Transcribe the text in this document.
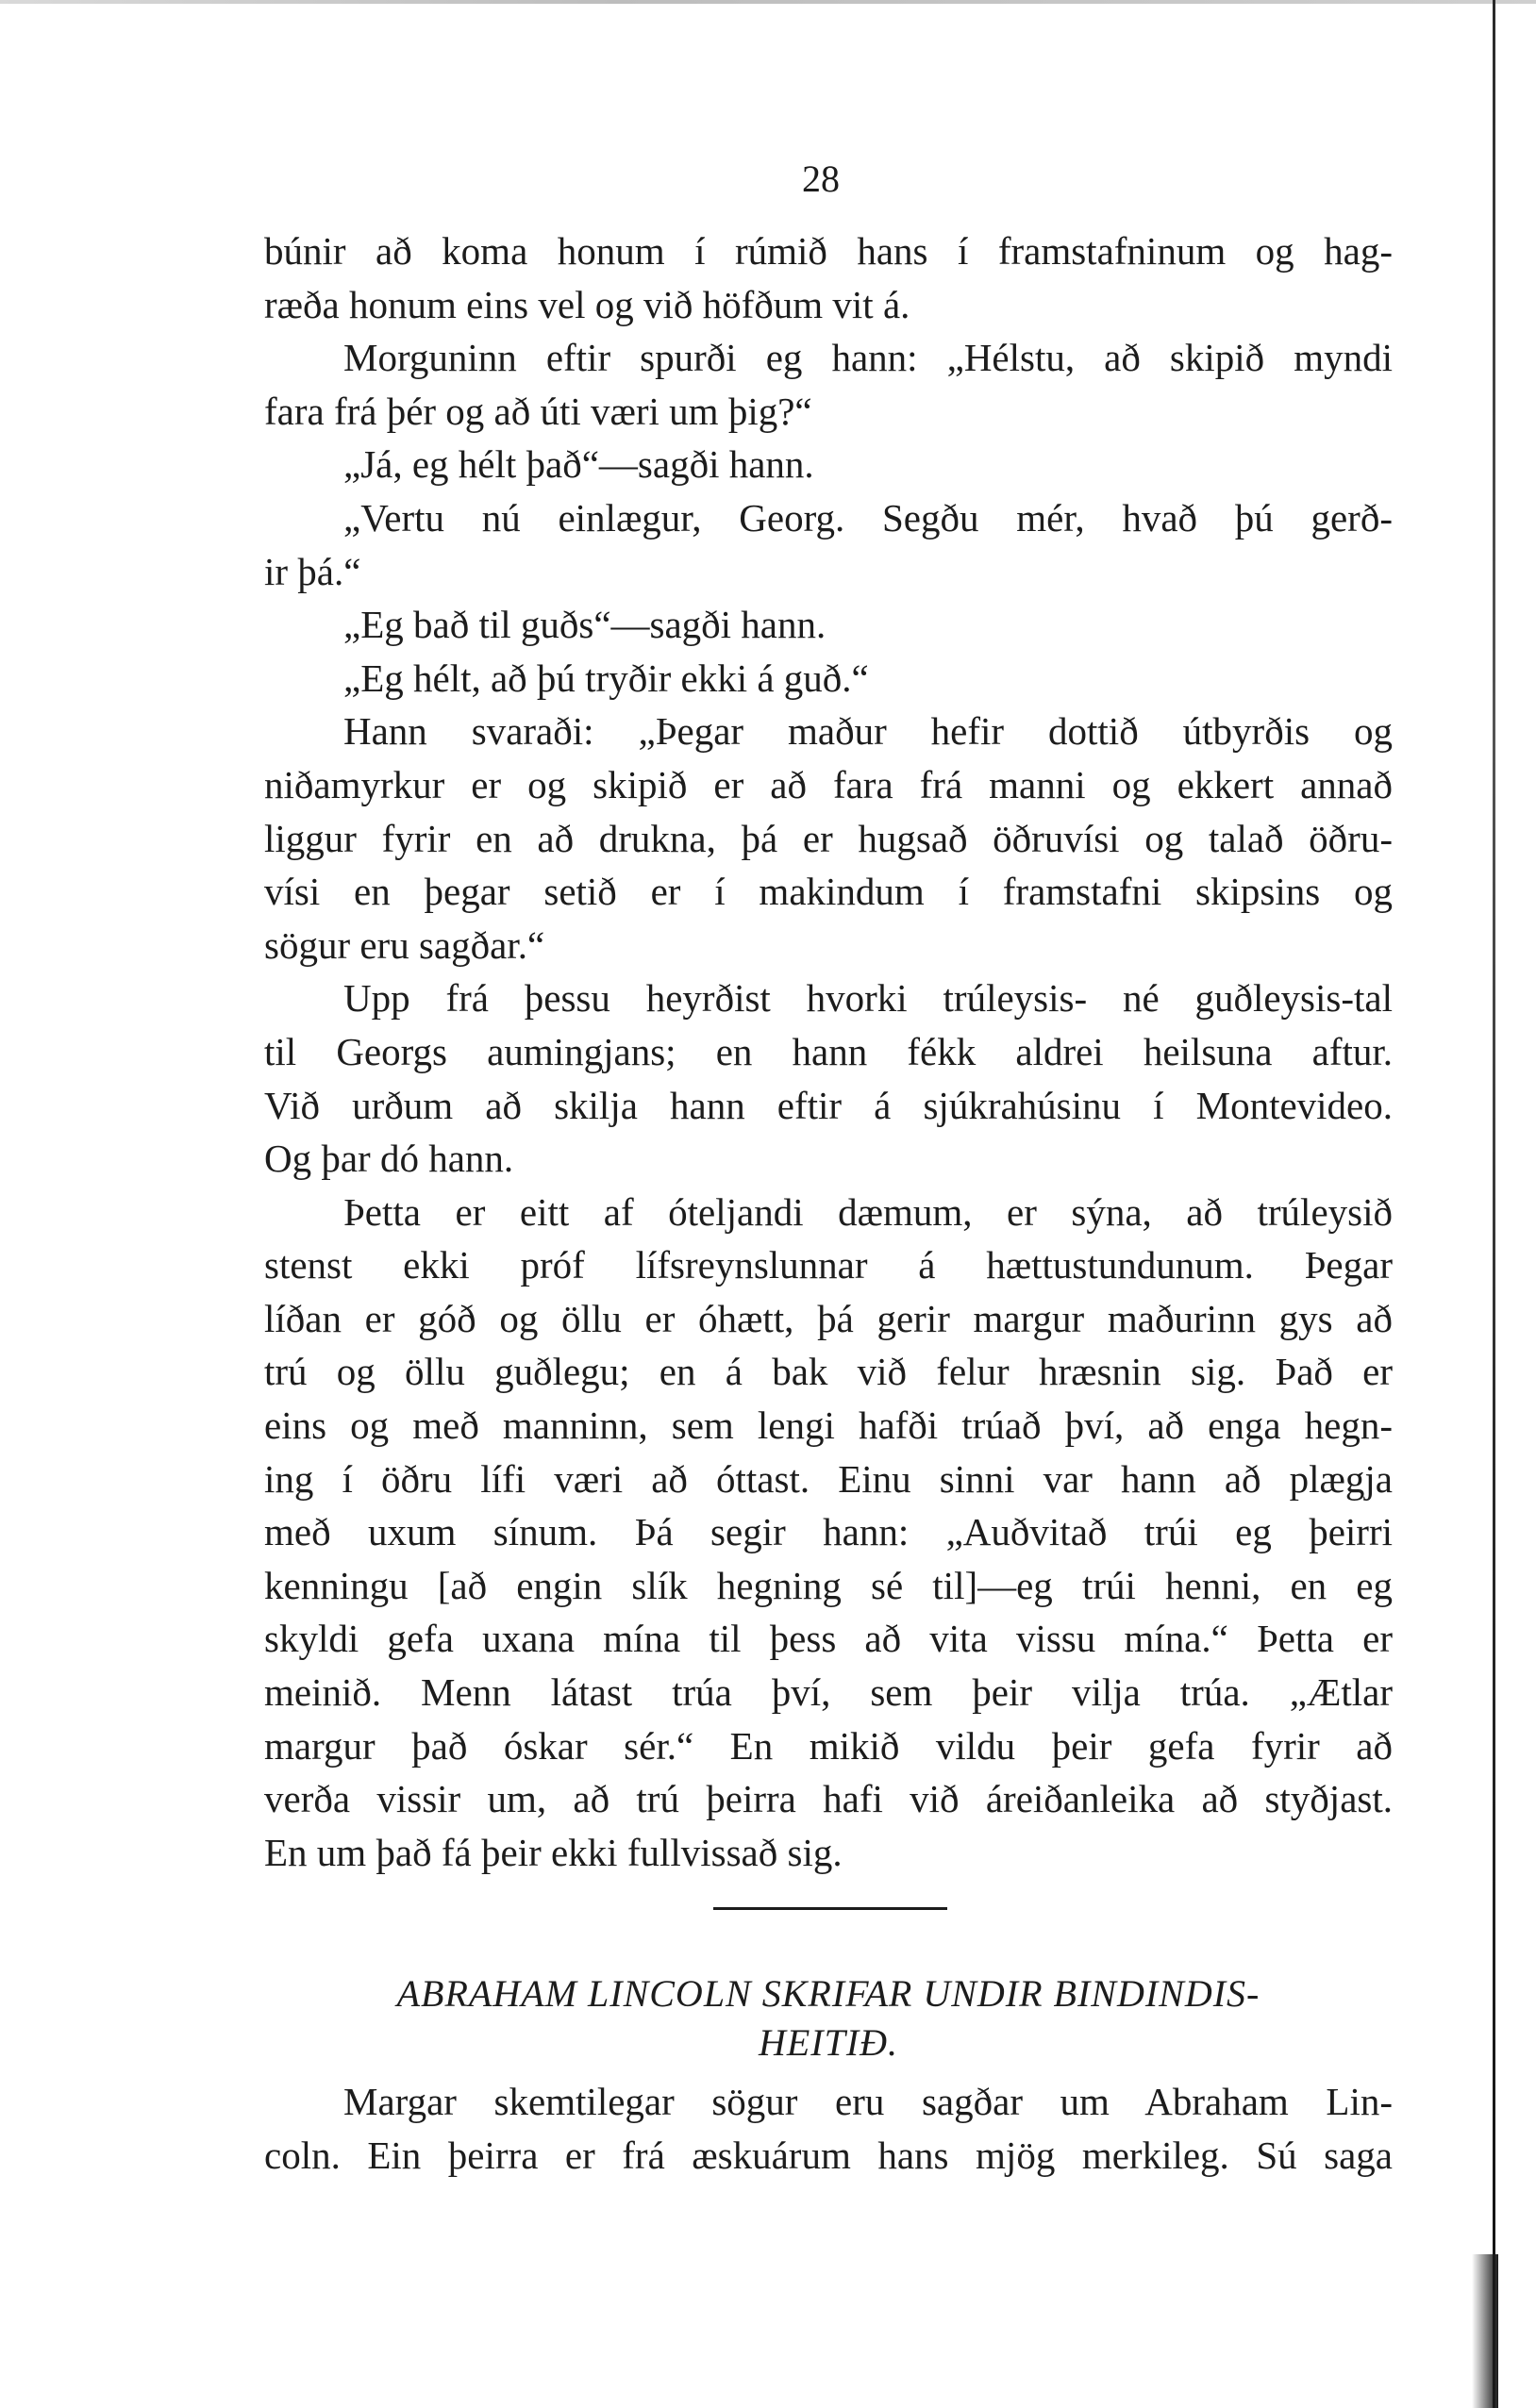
28
búnir að koma honum í rúmið hans í framstafninum og hag-
ræða honum eins vel og við höfðum vit á.
Morguninn eftir spurði eg hann: „Hélstu, að skipið myndi
fara frá þér og að úti væri um þig?“
„Já, eg hélt það“—sagði hann.
„Vertu nú einlægur, Georg. Segðu mér, hvað þú gerð-
ir þá.“
„Eg bað til guðs“—sagði hann.
„Eg hélt, að þú tryðir ekki á guð.“
Hann svaraði: „Þegar maður hefir dottið útbyrðis og
niðamyrkur er og skipið er að fara frá manni og ekkert annað
liggur fyrir en að drukna, þá er hugsað öðruvísi og talað öðru-
vísi en þegar setið er í makindum í framstafni skipsins og
sögur eru sagðar.“
Upp frá þessu heyrðist hvorki trúleysis- né guðleysis-tal
til Georgs aumingjans; en hann fékk aldrei heilsuna aftur.
Við urðum að skilja hann eftir á sjúkrahúsinu í Montevideo.
Og þar dó hann.
Þetta er eitt af óteljandi dæmum, er sýna, að trúleysið
stenst ekki próf lífsreynslunnar á hættustundunum. Þegar
líðan er góð og öllu er óhætt, þá gerir margur maðurinn gys að
trú og öllu guðlegu; en á bak við felur hræsnin sig. Það er
eins og með manninn, sem lengi hafði trúað því, að enga hegn-
ing í öðru lífi væri að óttast. Einu sinni var hann að plægja
með uxum sínum. Þá segir hann: „Auðvitað trúi eg þeirri
kenningu [að engin slík hegning sé til]—eg trúi henni, en eg
skyldi gefa uxana mína til þess að vita vissu mína.“ Þetta er
meinið. Menn látast trúa því, sem þeir vilja trúa. „Ætlar
margur það óskar sér.“ En mikið vildu þeir gefa fyrir að
verða vissir um, að trú þeirra hafi við áreiðanleika að styðjast.
En um það fá þeir ekki fullvissað sig.
ABRAHAM LINCOLN SKRIFAR UNDIR BINDINDIS-
HEITIÐ.
Margar skemtilegar sögur eru sagðar um Abraham Lin-
coln. Ein þeirra er frá æskuárum hans mjög merkileg. Sú saga
